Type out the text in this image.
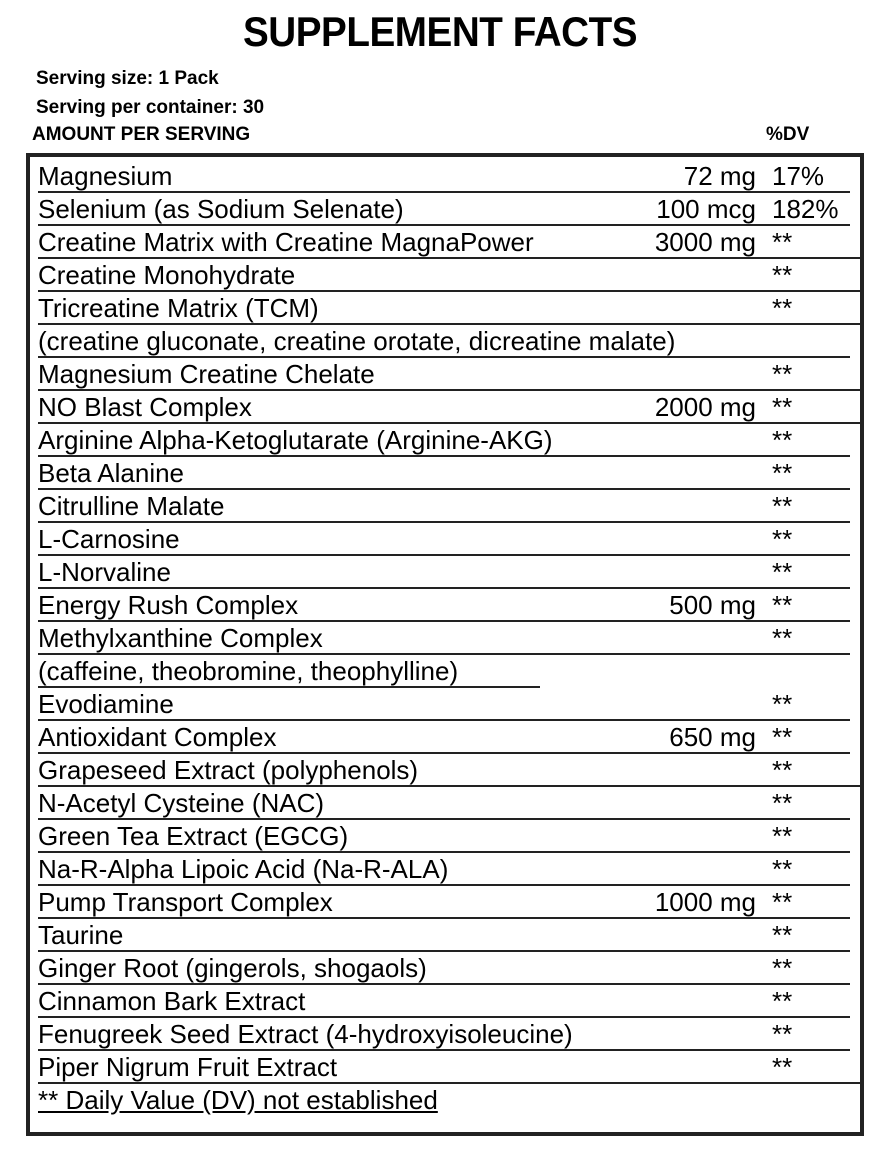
SUPPLEMENT FACTS
Serving size: 1 Pack
Serving per container: 30
AMOUNT PER SERVING	%DV
Magnesium	72 mg 17%
Selenium (as Sodium Selenate)	100 mcg 182%
Creatine Matrix with Creatine MagnaPower	3000 mg **
Creatine Monohydrate	**
Tricreatine Matrix (TCM)	**
(creatine gluconate, creatine orotate, dicreatine malate)
Magnesium Creatine Chelate	**
NO Blast Complex	2000 mg **
Arginine Alpha-Ketoglutarate (Arginine-AKG)	**
Beta Alanine	**
Citrulline Malate	**
L-Carnosine	**
L-Norvaline	**
Energy Rush Complex	500 mg **
Methylxanthine Complex	**
(caffeine, theobromine, theophylline)
Evodiamine	**
Antioxidant Complex	650 mg **
Grapeseed Extract (polyphenols)	**
N-Acetyl Cysteine (NAC)	**
Green Tea Extract (EGCG)	**
Na-R-Alpha Lipoic Acid (Na-R-ALA)	**
Pump Transport Complex	1000 mg **
Taurine	**
Ginger Root (gingerols, shogaols)	**
Cinnamon Bark Extract	**
Fenugreek Seed Extract (4-hydroxyisoleucine)	**
Piper Nigrum Fruit Extract	**
** Daily Value (DV) not established
